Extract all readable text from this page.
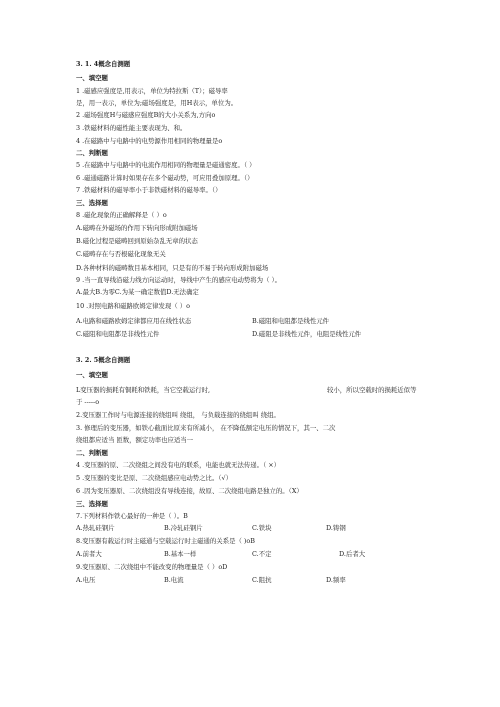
3. 1. 4概念自测题
一、填空题
1 .磁感应强度是,用表示，单位为特拉斯（T）；磁导率
是，用一表示，单位为;磁场强度是，用H表示，单位为。
2 .磁场强度H与磁感应强度B的大小关系为,方向o
3 .铁磁材料的磁性能主要表现为、和。
4 .在磁路中与电路中的电势源作用相同的物理量是o
二、判断题
5 .在磁路中与电路中的电流作用相同的物理量是磁通密度。（ ）
6 .磁通磁路计算时如果存在多个磁动势，可应用叠加原理。（）
7 .铁磁材料的磁导率小于非铁磁材料的磁导率。（）
三、选择题
8 .磁化现象的正确解释是（ ）o
A.磁畴在外磁场的作用下转向形成附加磁场
B.磁化过程是磁畴回到原始杂乱无章的状态
C.磁畴存在与否根磁化现象无关
D.各种材料的磁畴数目基本相同，只是有的不易于转向形成附加磁场
9 .当一直导线沿磁力线方向运动时，导线中产生的感应电动势将为（ ）。
A.最大B.为零C.为某一确定数值D.无法确定
10 .对照电路和磁路欧姆定律发现（ ）o
A.电路和磁路欧姆定律都应用在线性状态	B.磁阻和电阻都是线性元件
C.磁阻和电阻都是非线性元件	D.磁阻是非线性元件，电阻是线性元件
3. 2. 5概念自测题
一、填空题
L变压器的损耗有铜耗和铁耗，当它空载运行时,	较小，所以空载时的损耗近似等
于 -----o
2.变压器工作时与电源连接的绕组叫 绕组， 与负载连接的绕组叫 绕组。
3. 修理后的变压器，如铁心截面比原来有所减小， 在不降低额定电压的情况下，其一、二次
绕组都应适当 匝数，额定功率也应适当一
二、判断题
4 .变压器的原、二次绕组之间没有电的联系，电能也就无法传递。（ ×）
5 .变压器的变比是原、二次绕组感应电动势之比。（√）
6 .因为变压器原、二次绕组没有导线连接，故原、二次绕组电路是独立的。（X）
三、选择题
7.下列材料作铁心最好的一种是（ ）。B
A.热轧硅钢片	B.冷轧硅钢片	C.铁块	D.铸钢
8.变压器有载运行时主磁通与空载运行时主磁通的关系是（ )oB
A.前者大	B.基本一样	C.不定	D.后者大
9.变压器原、二次绕组中不能改变的物理量是（ ）oD
A.电压	B.电流	C.阻抗	D.频率
